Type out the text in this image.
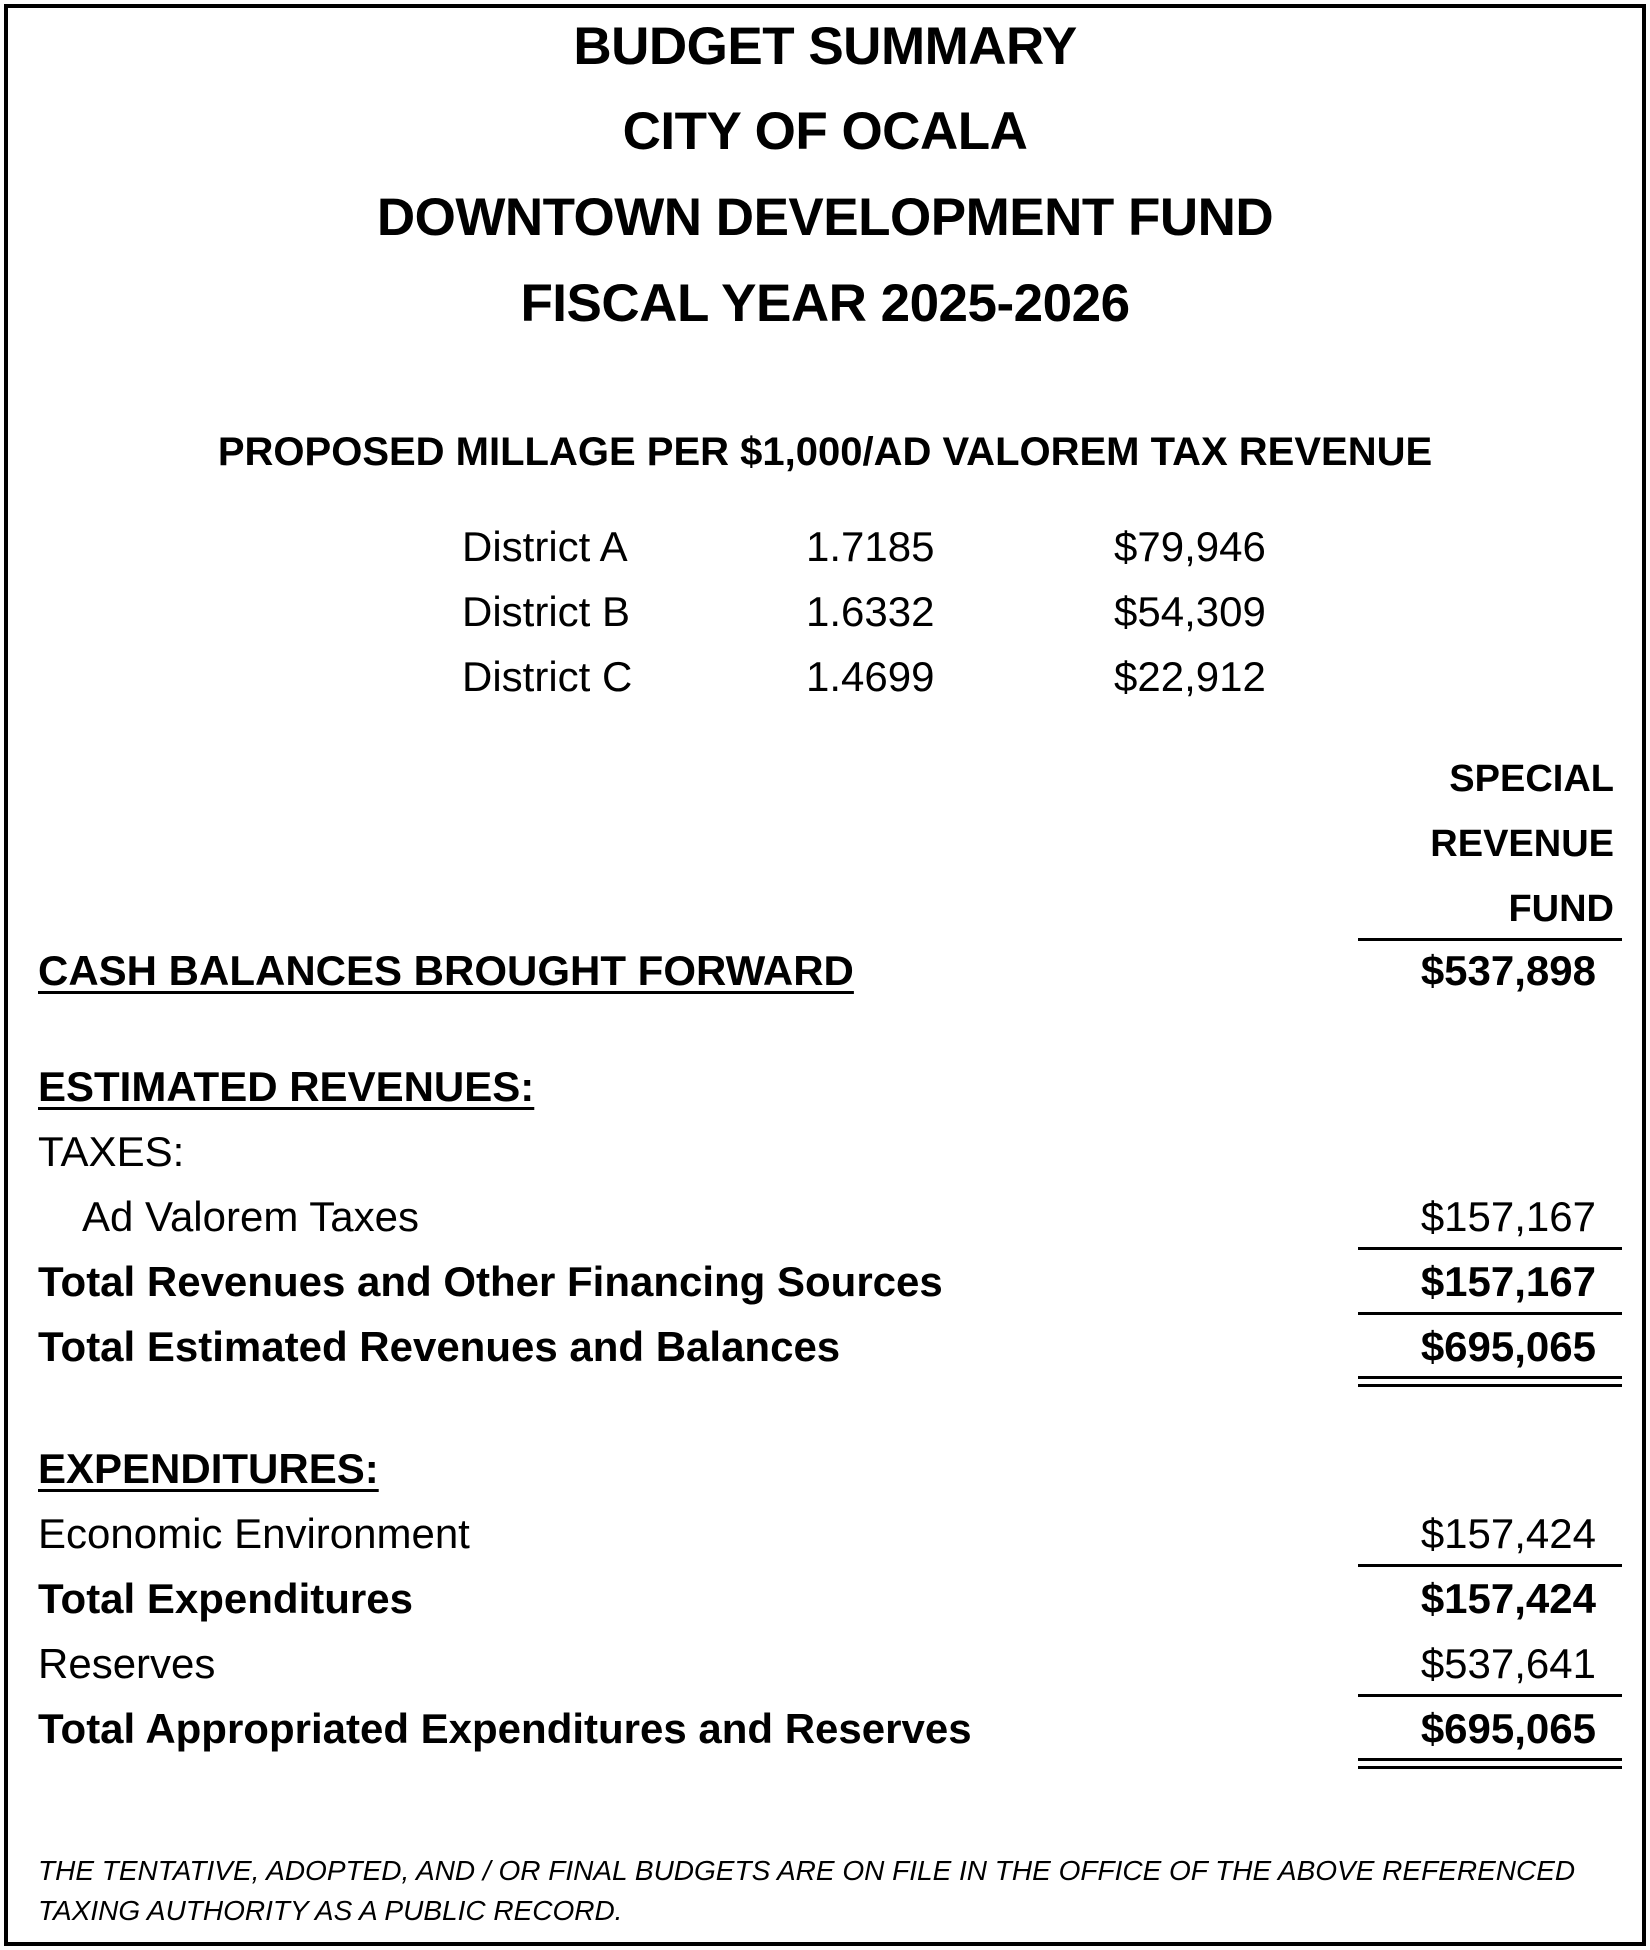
BUDGET SUMMARY
CITY OF OCALA
DOWNTOWN DEVELOPMENT FUND
FISCAL YEAR 2025-2026
PROPOSED MILLAGE PER $1,000/AD VALOREM TAX REVENUE
District A	1.7185	$79,946
District B	1.6332	$54,309
District C	1.4699	$22,912
SPECIAL
REVENUE
FUND
CASH BALANCES BROUGHT FORWARD	$537,898
ESTIMATED REVENUES:
TAXES:
Ad Valorem Taxes	$157,167
Total Revenues and Other Financing Sources	$157,167
Total Estimated Revenues and Balances	$695,065
EXPENDITURES:
Economic Environment	$157,424
Total Expenditures	$157,424
Reserves	$537,641
Total Appropriated Expenditures and Reserves	$695,065
THE TENTATIVE, ADOPTED, AND / OR FINAL BUDGETS ARE ON FILE IN THE OFFICE OF THE ABOVE REFERENCED
TAXING AUTHORITY AS A PUBLIC RECORD.
